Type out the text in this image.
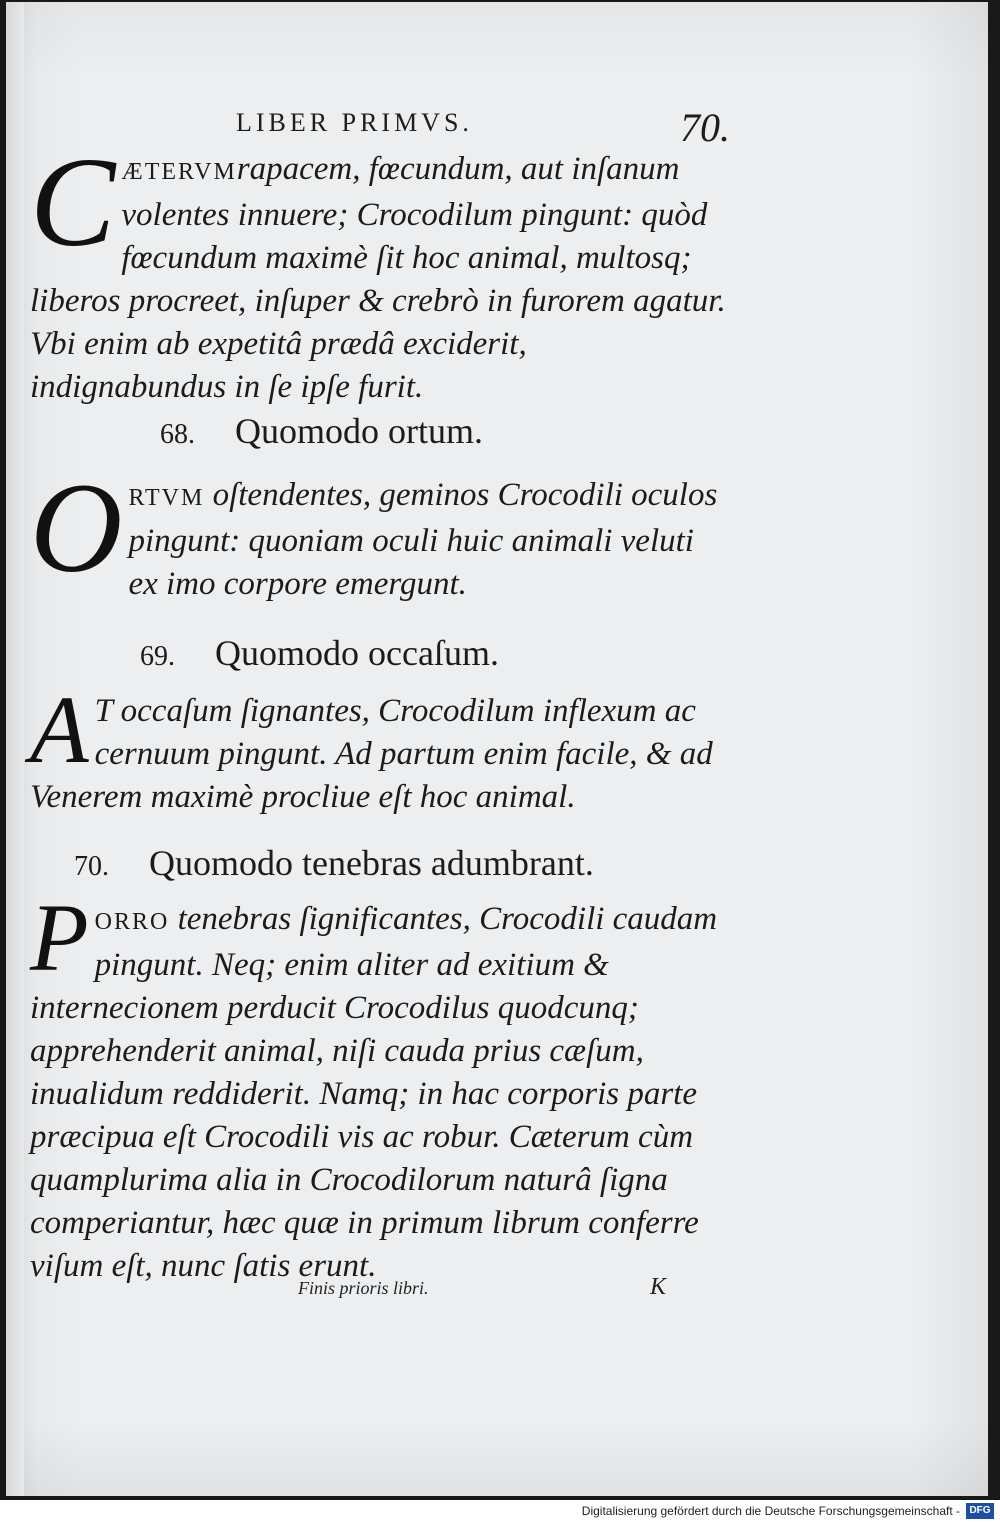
LIBER PRIMVS.	70.
C ÆTERVMrapacem, fœcundum, aut inſanum volentes innuere; Crocodilum pingunt: quòd fœcundum maximè ſit hoc animal, multosq; liberos procreet, inſuper & crebrò in furorem agatur. Vbi enim ab expetitâ prædâ exciderit, indignabundus in ſe ipſe furit.
68. Quomodo ortum.
O RTVM oſtendentes, geminos Crocodili oculos pingunt: quoniam oculi huic animali veluti ex imo corpore emergunt.
69. Quomodo occaſum.
A T occaſum ſignantes, Crocodilum inflexum ac cernuum pingunt. Ad partum enim facile, & ad Venerem maximè procliue eſt hoc animal.
70. Quomodo tenebras adumbrant.
P ORRO tenebras ſignificantes, Crocodili caudam pingunt. Neq; enim aliter ad exitium & internecionem perducit Crocodilus quodcunq; apprehenderit animal, niſi cauda prius cæſum, inualidum reddiderit. Namq; in hac corporis parte præcipua eſt Crocodili vis ac robur. Cæterum cùm quamplurima alia in Crocodilorum naturâ ſigna comperiantur, hæc quæ in primum librum conferre viſum eſt, nunc ſatis erunt.
Finis prioris libri.	K
Digitalisierung gefördert durch die Deutsche Forschungsgemeinschaft - DFG
